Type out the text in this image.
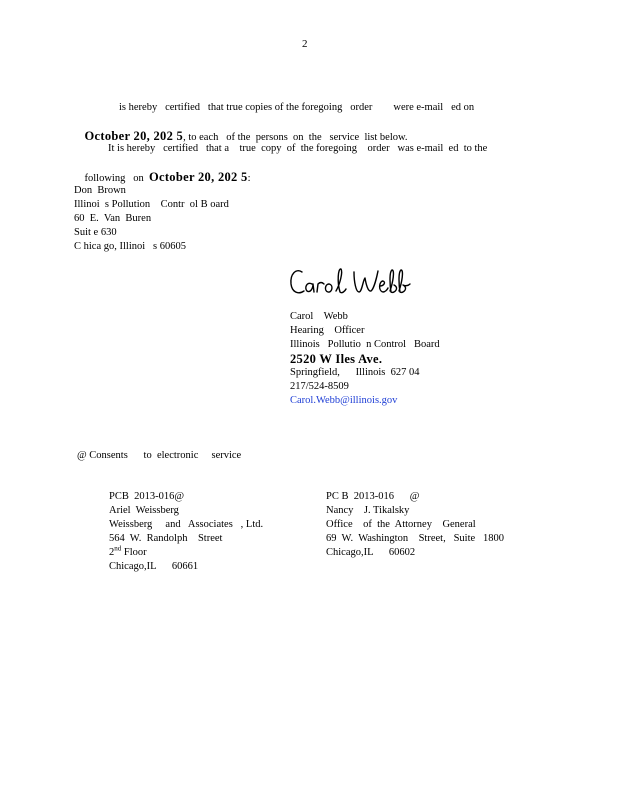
2
is hereby   certified   that true copies of the foregoing   order        were e-mail   ed on

October 20, 202 5, to each   of the  persons  on  the   service  list below.

It is hereby   certified   that a    true  copy  of  the foregoing    order   was e-mail  ed  to the

following   on  October 20, 202 5:

Don  Brown
Illinoi  s Pollution    Contr  ol B oard
60  E.  Van  Buren
Suit e 630
C hica go, Illinoi   s 60605
Carol    Webb
Hearing    Officer
Illinois   Pollutio  n Control   Board
2520 W Iles Ave.
Springfield,      Illinois  627 04
217/524-8509
Carol.Webb@illinois.gov
@ Consents      to  electronic     service
PCB  2013-016@
Ariel  Weissberg
Weissberg     and   Associates   , Ltd.
564  W.  Randolph    Street
2nd Floor
Chicago,IL      60661
PC B  2013-016      @
Nancy    J. Tikalsky
Office    of  the  Attorney    General
69  W.  Washington    Street,   Suite   1800
Chicago,IL      60602
